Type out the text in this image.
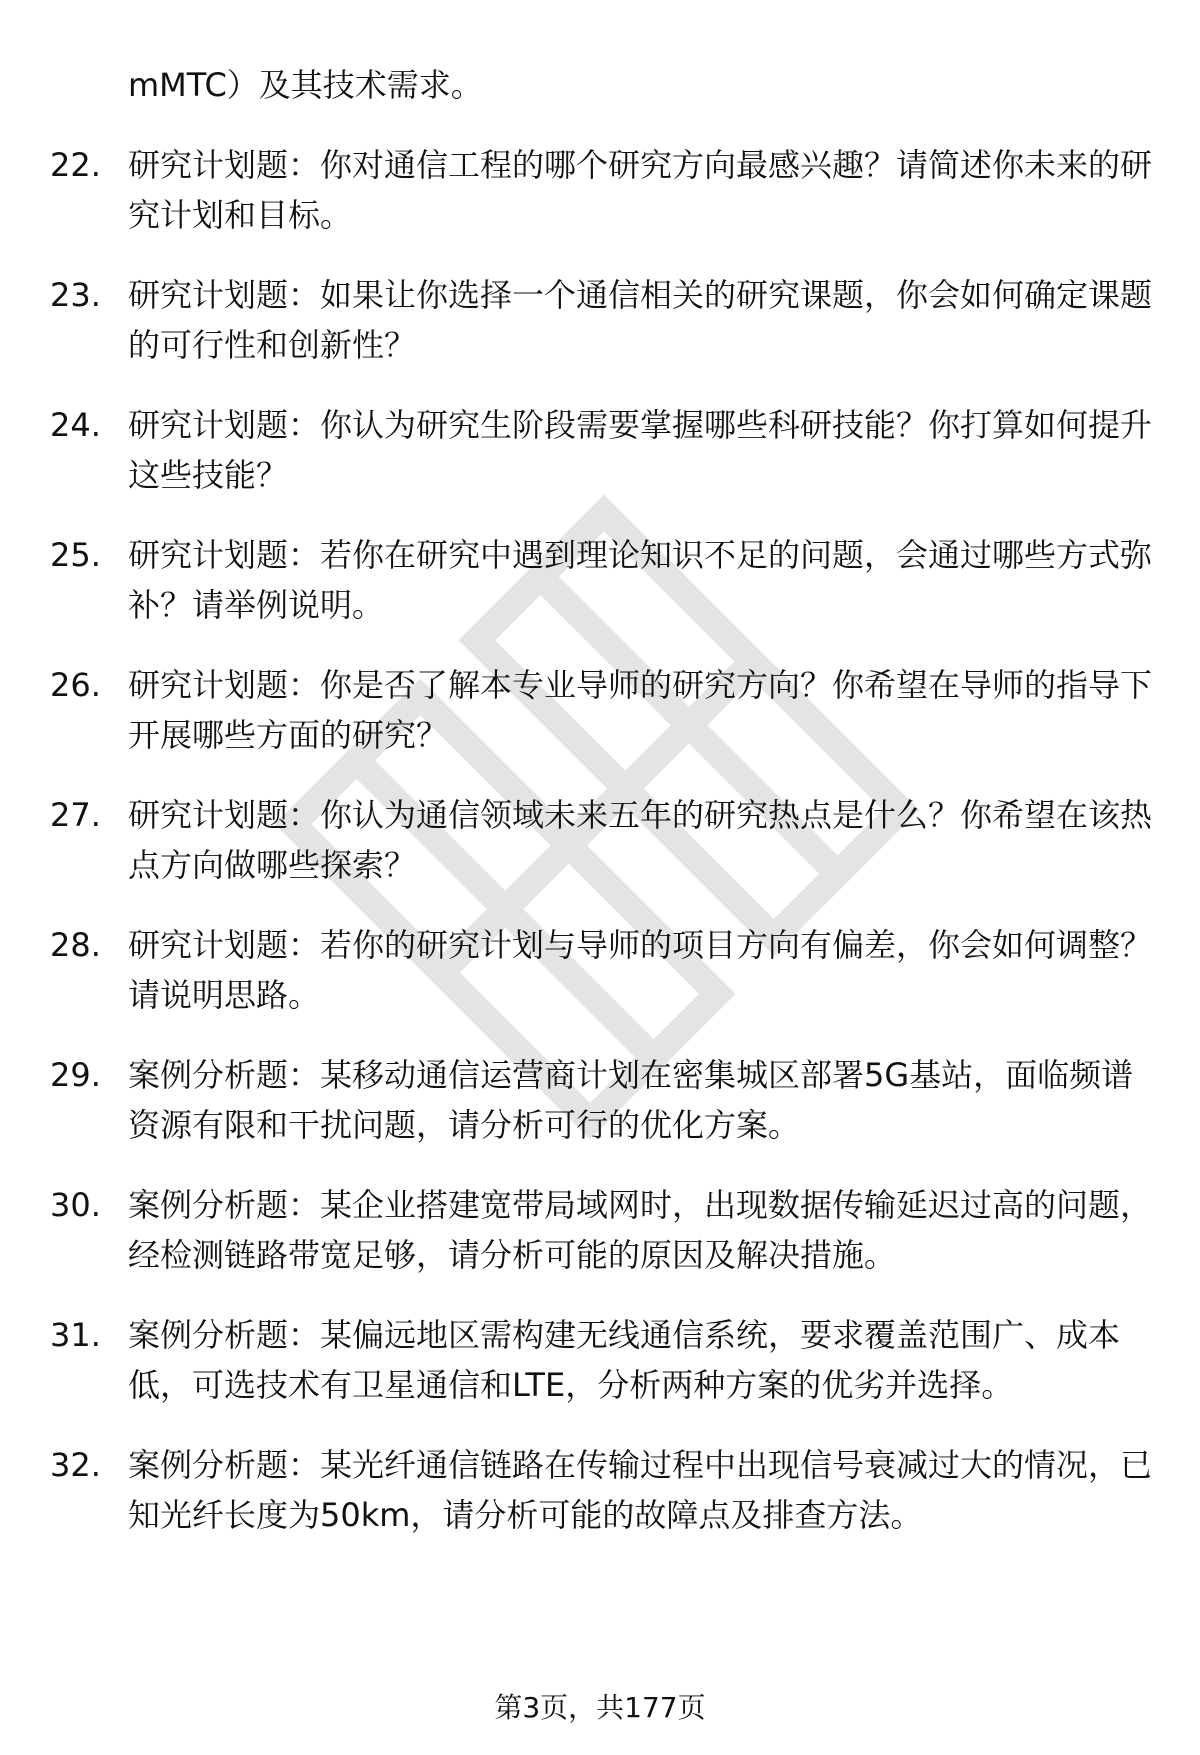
mMTC）及其技术需求。

22. 研究计划题：你对通信工程的哪个研究方向最感兴趣？请简述你未来的研究计划和目标。
23. 研究计划题：如果让你选择一个通信相关的研究课题，你会如何确定课题的可行性和创新性？
24. 研究计划题：你认为研究生阶段需要掌握哪些科研技能？你打算如何提升这些技能？
25. 研究计划题：若你在研究中遇到理论知识不足的问题，会通过哪些方式弥补？请举例说明。
26. 研究计划题：你是否了解本专业导师的研究方向？你希望在导师的指导下开展哪些方面的研究？
27. 研究计划题：你认为通信领域未来五年的研究热点是什么？你希望在该热点方向做哪些探索？
28. 研究计划题：若你的研究计划与导师的项目方向有偏差，你会如何调整？请说明思路。
29. 案例分析题：某移动通信运营商计划在密集城区部署5G基站，面临频谱资源有限和干扰问题，请分析可行的优化方案。
30. 案例分析题：某企业搭建宽带局域网时，出现数据传输延迟过高的问题，经检测链路带宽足够，请分析可能的原因及解决措施。
31. 案例分析题：某偏远地区需构建无线通信系统，要求覆盖范围广、成本低，可选技术有卫星通信和LTE，分析两种方案的优劣并选择。
32. 案例分析题：某光纤通信链路在传输过程中出现信号衰减过大的情况，已知光纤长度为50km，请分析可能的故障点及排查方法。
第3页，共177页
